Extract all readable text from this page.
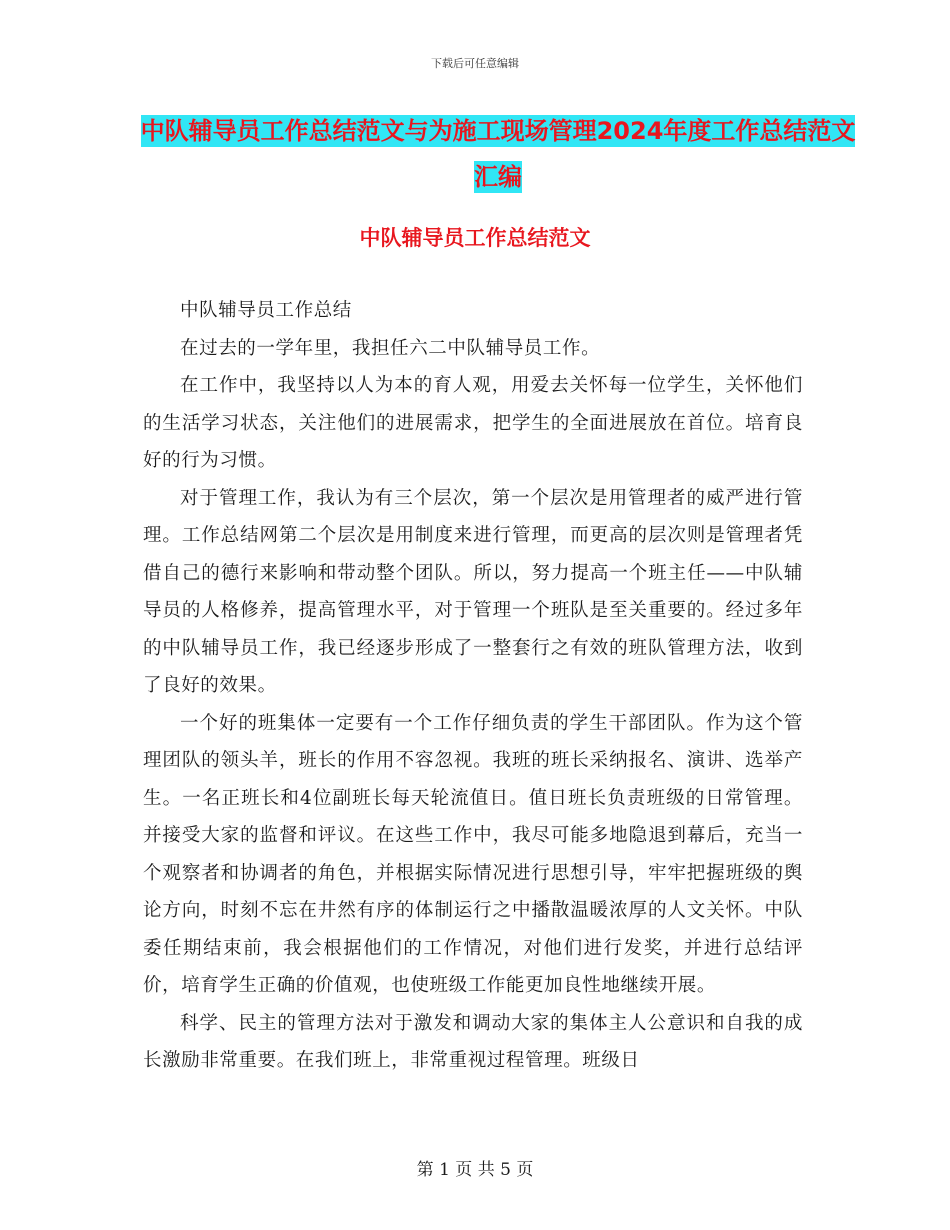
下载后可任意编辑
中队辅导员工作总结范文与为施工现场管理2024年度工作总结范文汇编
中队辅导员工作总结范文

中队辅导员工作总结

在过去的一学年里，我担任六二中队辅导员工作。

在工作中，我坚持以人为本的育人观，用爱去关怀每一位学生，关怀他们的生活学习状态，关注他们的进展需求，把学生的全面进展放在首位。培育良好的行为习惯。

对于管理工作，我认为有三个层次，第一个层次是用管理者的威严进行管理。工作总结网第二个层次是用制度来进行管理，而更高的层次则是管理者凭借自己的德行来影响和带动整个团队。所以，努力提高一个班主任——中队辅导员的人格修养，提高管理水平，对于管理一个班队是至关重要的。经过多年的中队辅导员工作，我已经逐步形成了一整套行之有效的班队管理方法，收到了良好的效果。

一个好的班集体一定要有一个工作仔细负责的学生干部团队。作为这个管理团队的领头羊，班长的作用不容忽视。我班的班长采纳报名、演讲、选举产生。一名正班长和4位副班长每天轮流值日。值日班长负责班级的日常管理。并接受大家的监督和评议。在这些工作中，我尽可能多地隐退到幕后，充当一个观察者和协调者的角色，并根据实际情况进行思想引导，牢牢把握班级的舆论方向，时刻不忘在井然有序的体制运行之中播散温暖浓厚的人文关怀。中队委任期结束前，我会根据他们的工作情况，对他们进行发奖，并进行总结评价，培育学生正确的价值观，也使班级工作能更加良性地继续开展。

科学、民主的管理方法对于激发和调动大家的集体主人公意识和自我的成长激励非常重要。在我们班上，非常重视过程管理。班级日

第 1 页 共 5 页
